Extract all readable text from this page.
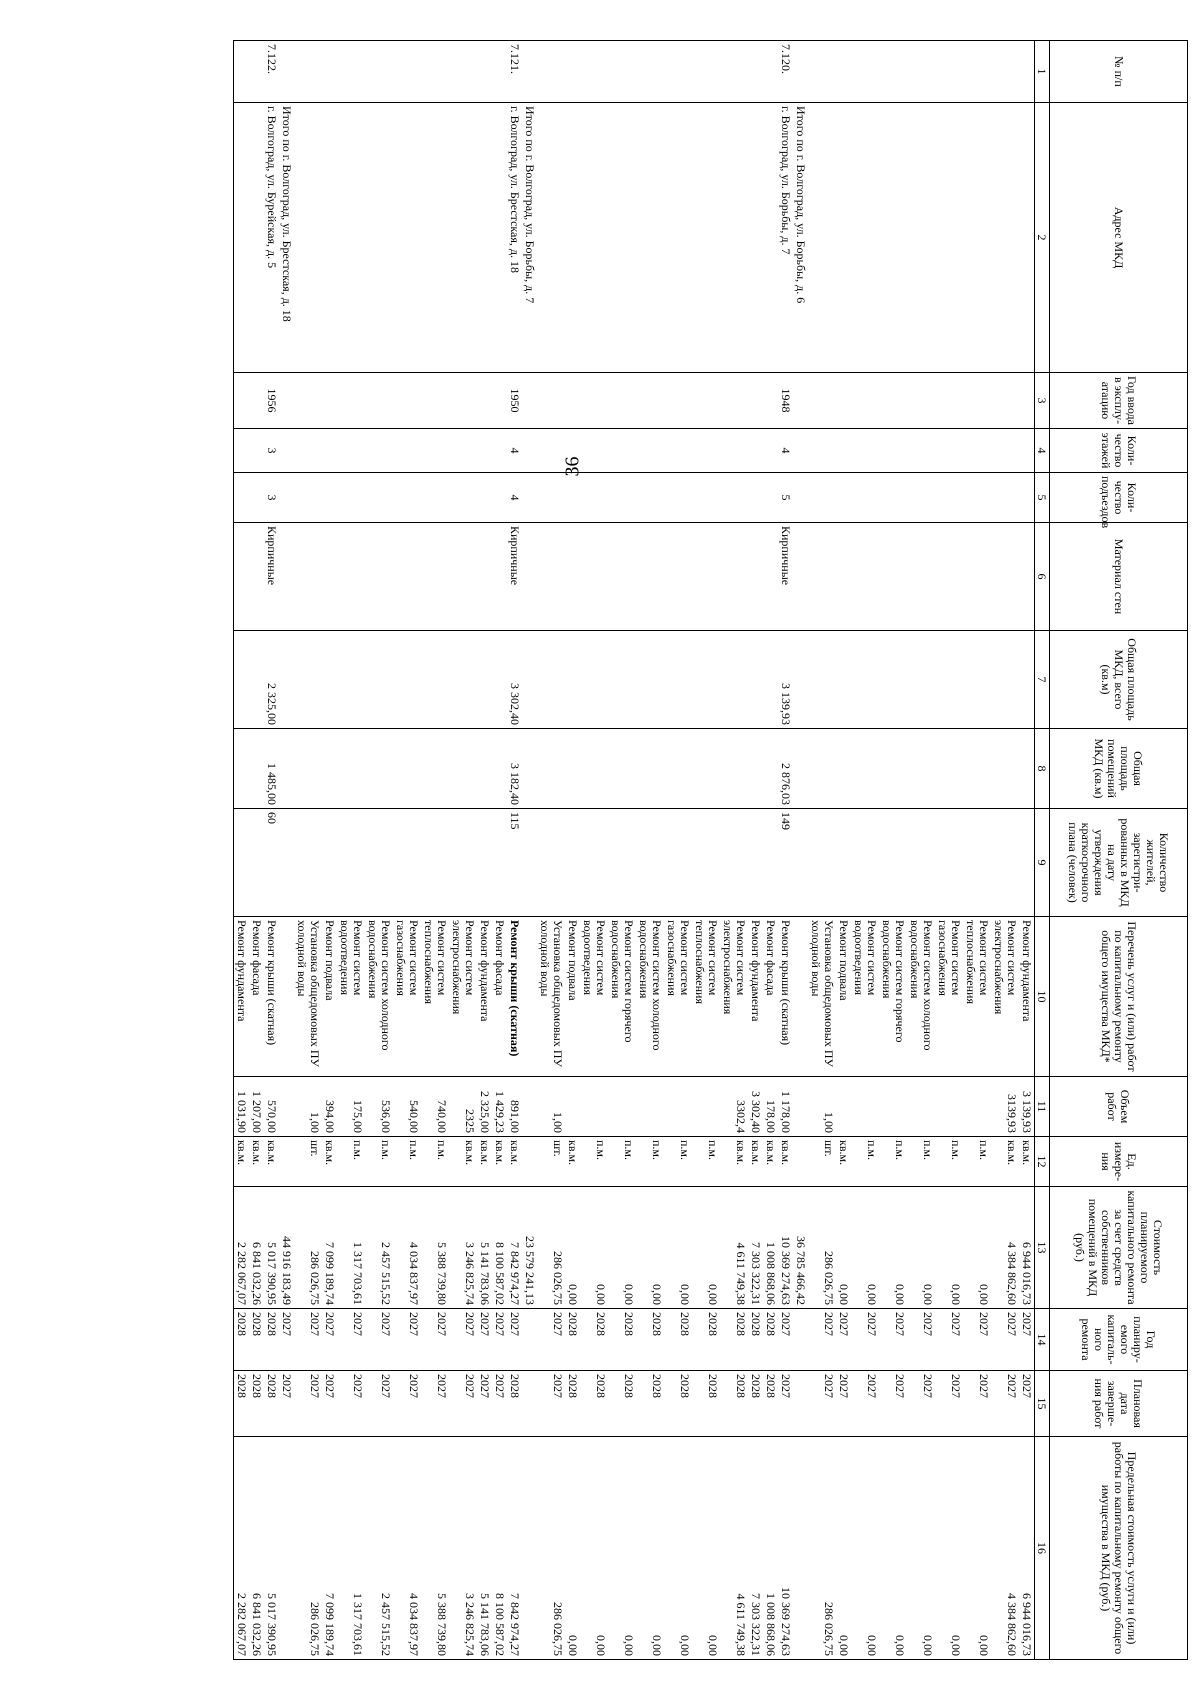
36
№ п/п	Адрес МКД	Год ввода в эксплу-атацию	Коли-чество этажей	Коли-чество подъездов	Материал стен	Общая площадь МКД, всего (кв.м)	Общая площадь помещений МКД (кв.м)	Количество жителей, зарегистри-рованных в МКД на дату утверждения краткосрочного плана (человек)	Перечень услуг и (или) работ по капитальному ремонту общего имущества МКД*	Объем работ	Ед. измере-ния	Стоимость планируемого капитального ремонта за счет средств собственников помещений в МКД (руб.)	Год планиру-емого капиталь-ного ремонта	Плановая дата заверше-ния работ	Предельная стоимость услуги и (или) работы по капитальному ремонту общего имущества в МКД (руб.)
1	2	3	4	5	6	7	8	9	10	11	12	13	14	15	16
									Ремонт фундамента	3 139,93	кв.м.	6 944 016,73	2027	2027	6 944 016,73
									Ремонт систем электроснабжения	3139,93	кв.м.	4 384 862,60	2027	2027	4 384 862,60
									Ремонт систем теплоснабжения		п.м.	0,00	2027	2027	0,00
									Ремонт систем газоснабжения		п.м.	0,00	2027	2027	0,00
									Ремонт систем холодного водоснабжения		п.м.	0,00	2027	2027	0,00
									Ремонт систем горячего водоснабжения		п.м.	0,00	2027	2027	0,00
									Ремонт систем водоотведения		п.м.	0,00	2027	2027	0,00
									Ремонт подвала		кв.м.	0,00	2027	2027	0,00
									Установка общедомовых ПУ холодной воды	1,00	шт.	286 026,75	2027	2027	286 026,75
	Итого по г. Волгоград, ул. Борьбы, д. 6											36 785 466,42			
7.120.	г. Волгоград, ул. Борьбы, д. 7	1948	4	5	Кирпичные	3 139,93	2 876,03	149	Ремонт крыши (скатная)	1 178,00	кв.м.	10 369 274,63	2027	2027	10 369 274,63
									Ремонт фасада	178,00	кв.м.	1 008 868,06	2028	2028	1 008 868,06
									Ремонт фундамента	3 302,40	кв.м.	7 303 322,31	2028	2028	7 303 322,31
									Ремонт систем электроснабжения	3302,4	кв.м.	4 611 749,38	2028	2028	4 611 749,38
									Ремонт систем теплоснабжения		п.м.	0,00	2028	2028	0,00
									Ремонт систем газоснабжения		п.м.	0,00	2028	2028	0,00
									Ремонт систем холодного водоснабжения		п.м.	0,00	2028	2028	0,00
									Ремонт систем горячего водоснабжения		п.м.	0,00	2028	2028	0,00
									Ремонт систем водоотведения		п.м.	0,00	2028	2028	0,00
									Ремонт подвала		кв.м.	0,00	2028	2028	0,00
									Установка общедомовых ПУ холодной воды	1,00	шт.	286 026,75	2027	2027	286 026,75
	Итого по г. Волгоград, ул. Борьбы, д. 7											23 579 241,13			
7.121.	г. Волгоград, ул. Брестская, д. 18	1950	4	4	Кирпичные	3 302,40	3 182,40	115	Ремонт крыши (скатная)	891,00	кв.м.	7 842 974,27	2027	2028	7 842 974,27
									Ремонт фасада	1 429,23	кв.м.	8 100 587,02	2027	2027	8 100 587,02
									Ремонт фундамента	2 325,00	кв.м.	5 141 783,06	2027	2027	5 141 783,06
									Ремонт систем электроснабжения	2325	кв.м.	3 246 825,74	2027	2027	3 246 825,74
									Ремонт систем теплоснабжения	740,00	п.м.	5 388 739,80	2027	2027	5 388 739,80
									Ремонт систем газоснабжения	540,00	п.м.	4 034 837,97	2027	2027	4 034 837,97
									Ремонт систем холодного водоснабжения	536,00	п.м.	2 457 515,52	2027	2027	2 457 515,52
									Ремонт систем водоотведения	175,00	п.м.	1 317 703,61	2027	2027	1 317 703,61
									Ремонт подвала	394,00	кв.м.	7 099 189,74	2027	2027	7 099 189,74
									Установка общедомовых ПУ холодной воды	1,00	шт.	286 026,75	2027	2027	286 026,75
	Итого по г. Волгоград, ул. Брестская, д. 18											44 916 183,49	2027	2027	
7.122.	г. Волгоград, ул. Бурейская, д. 5	1956	3	3	Кирпичные	2 325,00	1 485,00	60	Ремонт крыши (скатная)	570,00	кв.м.	5 017 390,95	2028	2028	5 017 390,95
									Ремонт фасада	1 207,00	кв.м.	6 841 032,26	2028	2028	6 841 032,26
									Ремонт фундамента	1 031,90	кв.м.	2 282 067,07	2028	2028	2 282 067,07
